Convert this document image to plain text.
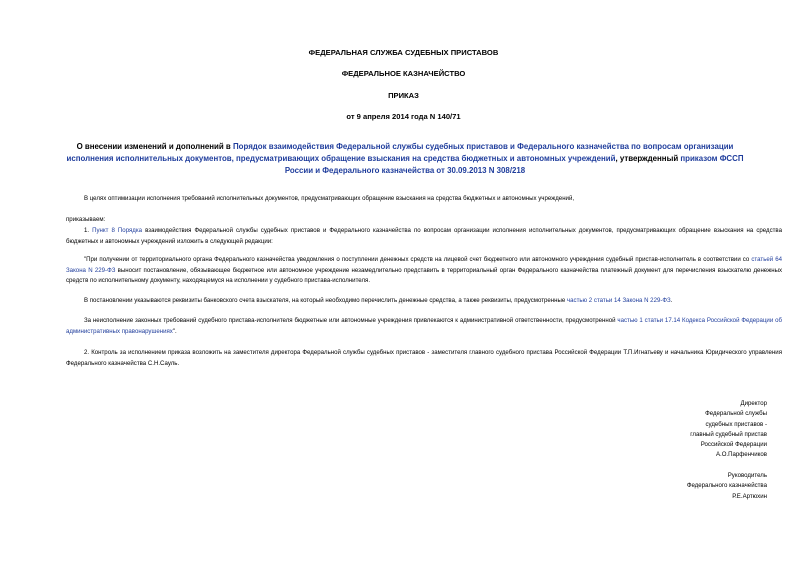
ФЕДЕРАЛЬНАЯ СЛУЖБА СУДЕБНЫХ ПРИСТАВОВ
ФЕДЕРАЛЬНОЕ КАЗНАЧЕЙСТВО
ПРИКАЗ
от 9 апреля 2014 года N 140/71
О внесении изменений и дополнений в Порядок взаимодействия Федеральной службы судебных приставов и Федерального казначейства по вопросам организации исполнения исполнительных документов, предусматривающих обращение взыскания на средства бюджетных и автономных учреждений, утвержденный приказом ФССП России и Федерального казначейства от 30.09.2013 N 308/218
В целях оптимизации исполнения требований исполнительных документов, предусматривающих обращение взыскания на средства бюджетных и автономных учреждений,
приказываем:
1. Пункт 8 Порядка взаимодействия Федеральной службы судебных приставов и Федерального казначейства по вопросам организации исполнения исполнительных документов, предусматривающих обращение взыскания на средства бюджетных и автономных учреждений изложить в следующей редакции:
"При получении от территориального органа Федерального казначейства уведомления о поступлении денежных средств на лицевой счет бюджетного или автономного учреждения судебный пристав-исполнитель в соответствии со статьей 64 Закона N 229-ФЗ выносит постановление, обязывающее бюджетное или автономное учреждение незамедлительно представить в территориальный орган Федерального казначейства платежный документ для перечисления взыскателю денежных средств по исполнительному документу, находящемуся на исполнении у судебного пристава-исполнителя.
В постановлении указываются реквизиты банковского счета взыскателя, на который необходимо перечислить денежные средства, а также реквизиты, предусмотренные частью 2 статьи 14 Закона N 229-ФЗ.
За неисполнение законных требований судебного пристава-исполнителя бюджетные или автономные учреждения привлекаются к административной ответственности, предусмотренной частью 1 статьи 17.14 Кодекса Российской Федерации об административных правонарушениях".
2. Контроль за исполнением приказа возложить на заместителя директора Федеральной службы судебных приставов - заместителя главного судебного пристава Российской Федерации Т.П.Игнатьеву и начальника Юридического управления Федерального казначейства С.Н.Сауль.
Директор
Федеральной службы
судебных приставов -
главный судебный пристав
Российской Федерации
А.О.Парфенчиков
Руководитель
Федерального казначейства
Р.Е.Артюхин
